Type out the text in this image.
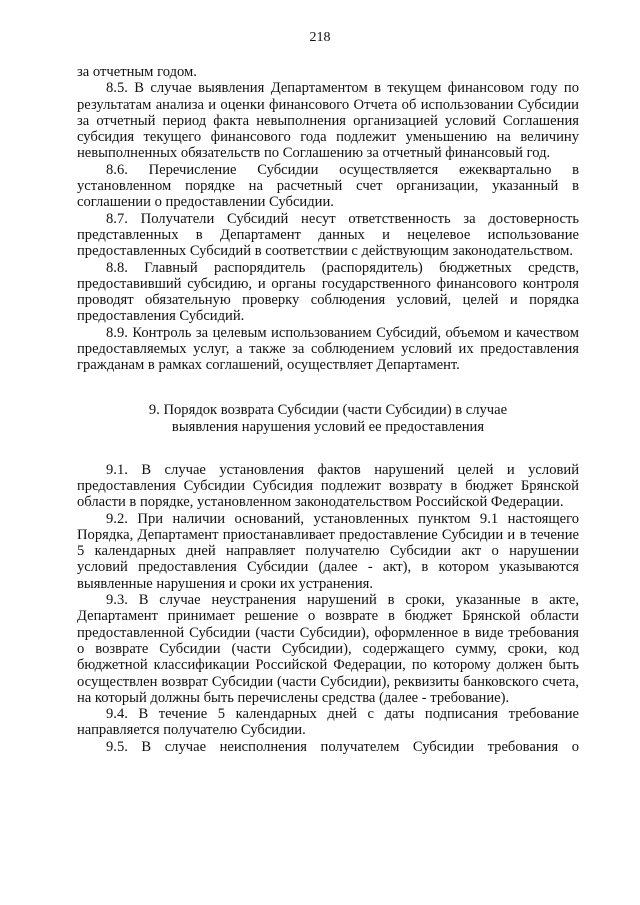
218

за отчетным годом.

8.5. В случае выявления Департаментом в текущем финансовом году по результатам анализа и оценки финансового Отчета об использовании Субсидии за отчетный период факта невыполнения организацией условий Соглашения субсидия текущего финансового года подлежит уменьшению на величину невыполненных обязательств по Соглашению за отчетный финансовый год.

8.6. Перечисление Субсидии осуществляется ежеквартально в установленном порядке на расчетный счет организации, указанный в соглашении о предоставлении Субсидии.

8.7. Получатели Субсидий несут ответственность за достоверность представленных в Департамент данных и нецелевое использование предоставленных Субсидий в соответствии с действующим законодательством.

8.8. Главный распорядитель (распорядитель) бюджетных средств, предоставивший субсидию, и органы государственного финансового контроля проводят обязательную проверку соблюдения условий, целей и порядка предоставления Субсидий.

8.9. Контроль за целевым использованием Субсидий, объемом и качеством предоставляемых услуг, а также за соблюдением условий их предоставления гражданам в рамках соглашений, осуществляет Департамент.

9. Порядок возврата Субсидии (части Субсидии) в случае
выявления нарушения условий ее предоставления

9.1. В случае установления фактов нарушений целей и условий предоставления Субсидии Субсидия подлежит возврату в бюджет Брянской области в порядке, установленном законодательством Российской Федерации.

9.2. При наличии оснований, установленных пунктом 9.1 настоящего Порядка, Департамент приостанавливает предоставление Субсидии и в течение 5 календарных дней направляет получателю Субсидии акт о нарушении условий предоставления Субсидии (далее - акт), в котором указываются выявленные нарушения и сроки их устранения.

9.3. В случае неустранения нарушений в сроки, указанные в акте, Департамент принимает решение о возврате в бюджет Брянской области предоставленной Субсидии (части Субсидии), оформленное в виде требования о возврате Субсидии (части Субсидии), содержащего сумму, сроки, код бюджетной классификации Российской Федерации, по которому должен быть осуществлен возврат Субсидии (части Субсидии), реквизиты банковского счета, на который должны быть перечислены средства (далее - требование).

9.4. В течение 5 календарных дней с даты подписания требование направляется получателю Субсидии.

9.5. В случае неисполнения получателем Субсидии требования о
